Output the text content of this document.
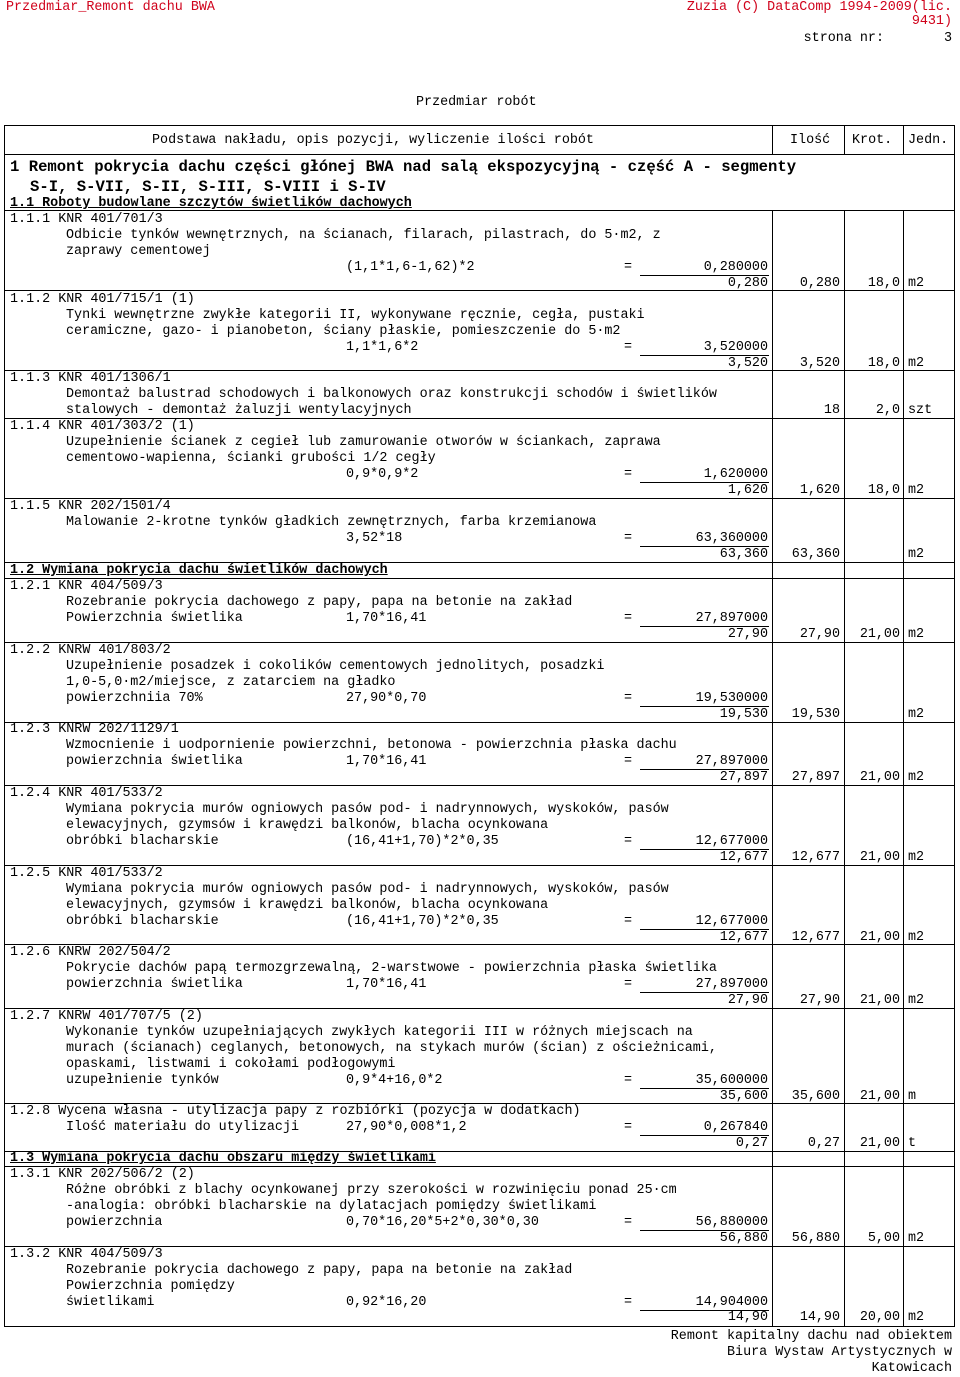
Przedmiar_Remont dachu BWA	Zuzia (C) DataComp 1994-2009(lic.
9431)
strona nr:	3
Przedmiar robót
Podstawa nakładu, opis pozycji, wyliczenie ilości robót	Ilość Krot. Jedn.
1 Remont pokrycia dachu części głónej BWA nad salą ekspozycyjną - część A - segmenty
S-I, S-VII, S-II, S-III, S-VIII i S-IV
1.1 Roboty budowlane szczytów świetlików dachowych
1.1.1 KNR 401/701/3
Odbicie tynków wewnętrznych, na ścianach, filarach, pilastrach, do 5·m2, z
zaprawy cementowej
(1,1*1,6-1,62)*2	=	0,280000
0,280 0,280 18,0 m2
1.1.2 KNR 401/715/1 (1)
Tynki wewnętrzne zwykłe kategorii II, wykonywane ręcznie, cegła, pustaki
ceramiczne, gazo- i pianobeton, ściany płaskie, pomieszczenie do 5·m2
1,1*1,6*2	=	3,520000
3,520 3,520 18,0 m2
1.1.3 KNR 401/1306/1
Demontaż balustrad schodowych i balkonowych oraz konstrukcji schodów i świetlików
stalowych - demontaż żaluzji wentylacyjnych	18	2,0 szt
1.1.4 KNR 401/303/2 (1)
Uzupełnienie ścianek z cegieł lub zamurowanie otworów w ściankach, zaprawa
cementowo-wapienna, ścianki grubości 1/2 cegły
0,9*0,9*2	=	1,620000
1,620 1,620 18,0 m2
1.1.5 KNR 202/1501/4
Malowanie 2-krotne tynków gładkich zewnętrznych, farba krzemianowa
3,52*18	=	63,360000
63,360 63,360	m2
1.2 Wymiana pokrycia dachu świetlików dachowych
1.2.1 KNR 404/509/3
Rozebranie pokrycia dachowego z papy, papa na betonie na zakład
Powierzchnia świetlika	1,70*16,41	=	27,897000
27,90 27,90 21,00 m2
1.2.2 KNRW 401/803/2
Uzupełnienie posadzek i cokolików cementowych jednolitych, posadzki
1,0-5,0·m2/miejsce, z zatarciem na gładko
powierzchniia 70%	27,90*0,70	=	19,530000
19,530 19,530	m2
1.2.3 KNRW 202/1129/1
Wzmocnienie i uodpornienie powierzchni, betonowa - powierzchnia płaska dachu
powierzchnia świetlika	1,70*16,41	=	27,897000
27,897 27,897 21,00 m2
1.2.4 KNR 401/533/2
Wymiana pokrycia murów ogniowych pasów pod- i nadrynnowych, wyskoków, pasów
elewacyjnych, gzymsów i krawędzi balkonów, blacha ocynkowana
obróbki blacharskie	(16,41+1,70)*2*0,35	=	12,677000
12,677 12,677 21,00 m2
1.2.5 KNR 401/533/2
Wymiana pokrycia murów ogniowych pasów pod- i nadrynnowych, wyskoków, pasów
elewacyjnych, gzymsów i krawędzi balkonów, blacha ocynkowana
obróbki blacharskie	(16,41+1,70)*2*0,35	=	12,677000
12,677 12,677 21,00 m2
1.2.6 KNRW 202/504/2
Pokrycie dachów papą termozgrzewalną, 2-warstwowe - powierzchnia płaska świetlika
powierzchnia świetlika	1,70*16,41	=	27,897000
27,90 27,90 21,00 m2
1.2.7 KNRW 401/707/5 (2)
Wykonanie tynków uzupełniających zwykłych kategorii III w różnych miejscach na
murach (ścianach) ceglanych, betonowych, na stykach murów (ścian) z ościeżnicami,
opaskami, listwami i cokołami podłogowymi
uzupełnienie tynków	0,9*4+16,0*2	=	35,600000
35,600 35,600 21,00 m
1.2.8 Wycena własna - utylizacja papy z rozbiórki (pozycja w dodatkach)
Ilość materiału do utylizacji	27,90*0,008*1,2	=	0,267840
0,27	0,27 21,00 t
1.3 Wymiana pokrycia dachu obszaru między świetlikami
1.3.1 KNR 202/506/2 (2)
Różne obróbki z blachy ocynkowanej przy szerokości w rozwinięciu ponad 25·cm
-analogia: obróbki blacharskie na dylatacjach pomiędzy świetlikami
powierzchnia	0,70*16,20*5+2*0,30*0,30	=	56,880000
56,880 56,880 5,00 m2
1.3.2 KNR 404/509/3
Rozebranie pokrycia dachowego z papy, papa na betonie na zakład
Powierzchnia pomiędzy
świetlikami	0,92*16,20	=	14,904000
14,90 14,90 20,00 m2
Remont kapitalny dachu nad obiektem
Biura Wystaw Artystycznych w
Katowicach
